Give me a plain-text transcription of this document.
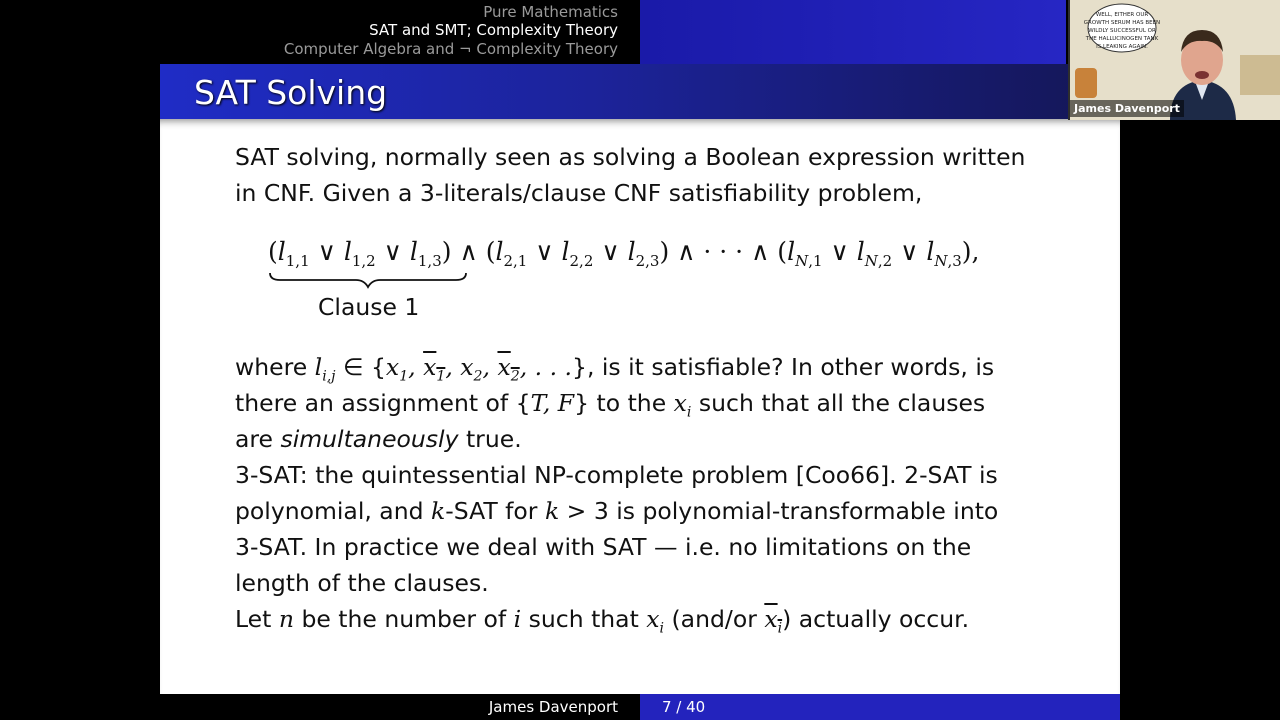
Pure Mathematics
SAT and SMT; Complexity Theory
Computer Algebra and ¬ Complexity Theory
SAT Solving
SAT solving, normally seen as solving a Boolean expression written
in CNF. Given a 3-literals/clause CNF satisfiability problem,
($l_{1,1}$ ∨ $l_{1,2}$ ∨ $l_{1,3}$) ∧ ($l_{2,1}$ ∨ $l_{2,2}$ ∨ $l_{2,3}$) ∧ · · · ∧ ($l_{N,1}$ ∨ $l_{N,2}$ ∨ $l_{N,3}$),
Clause 1
where $l_{i,j}$ ∈ {$x_1$, $x_1$, $x_2$, $x_2$, . . .}, is it satisfiable? In other words, is
there an assignment of {T, F} to the $x_i$ such that all the clauses
are simultaneously true.
3-SAT: the quintessential NP-complete problem [Coo66]. 2-SAT is
polynomial, and k-SAT for k > 3 is polynomial-transformable into
3-SAT. In practice we deal with SAT — i.e. no limitations on the
length of the clauses.
Let n be the number of i such that $x_i$ (and/or $x_i$) actually occur.
James Davenport	7 / 40
WELL, EITHER OUR
GROWTH SERUM HAS BEEN
WILDLY SUCCESSFUL OR
THE HALLUCINOGEN TANK
IS LEAKING AGAIN.
James Davenport
